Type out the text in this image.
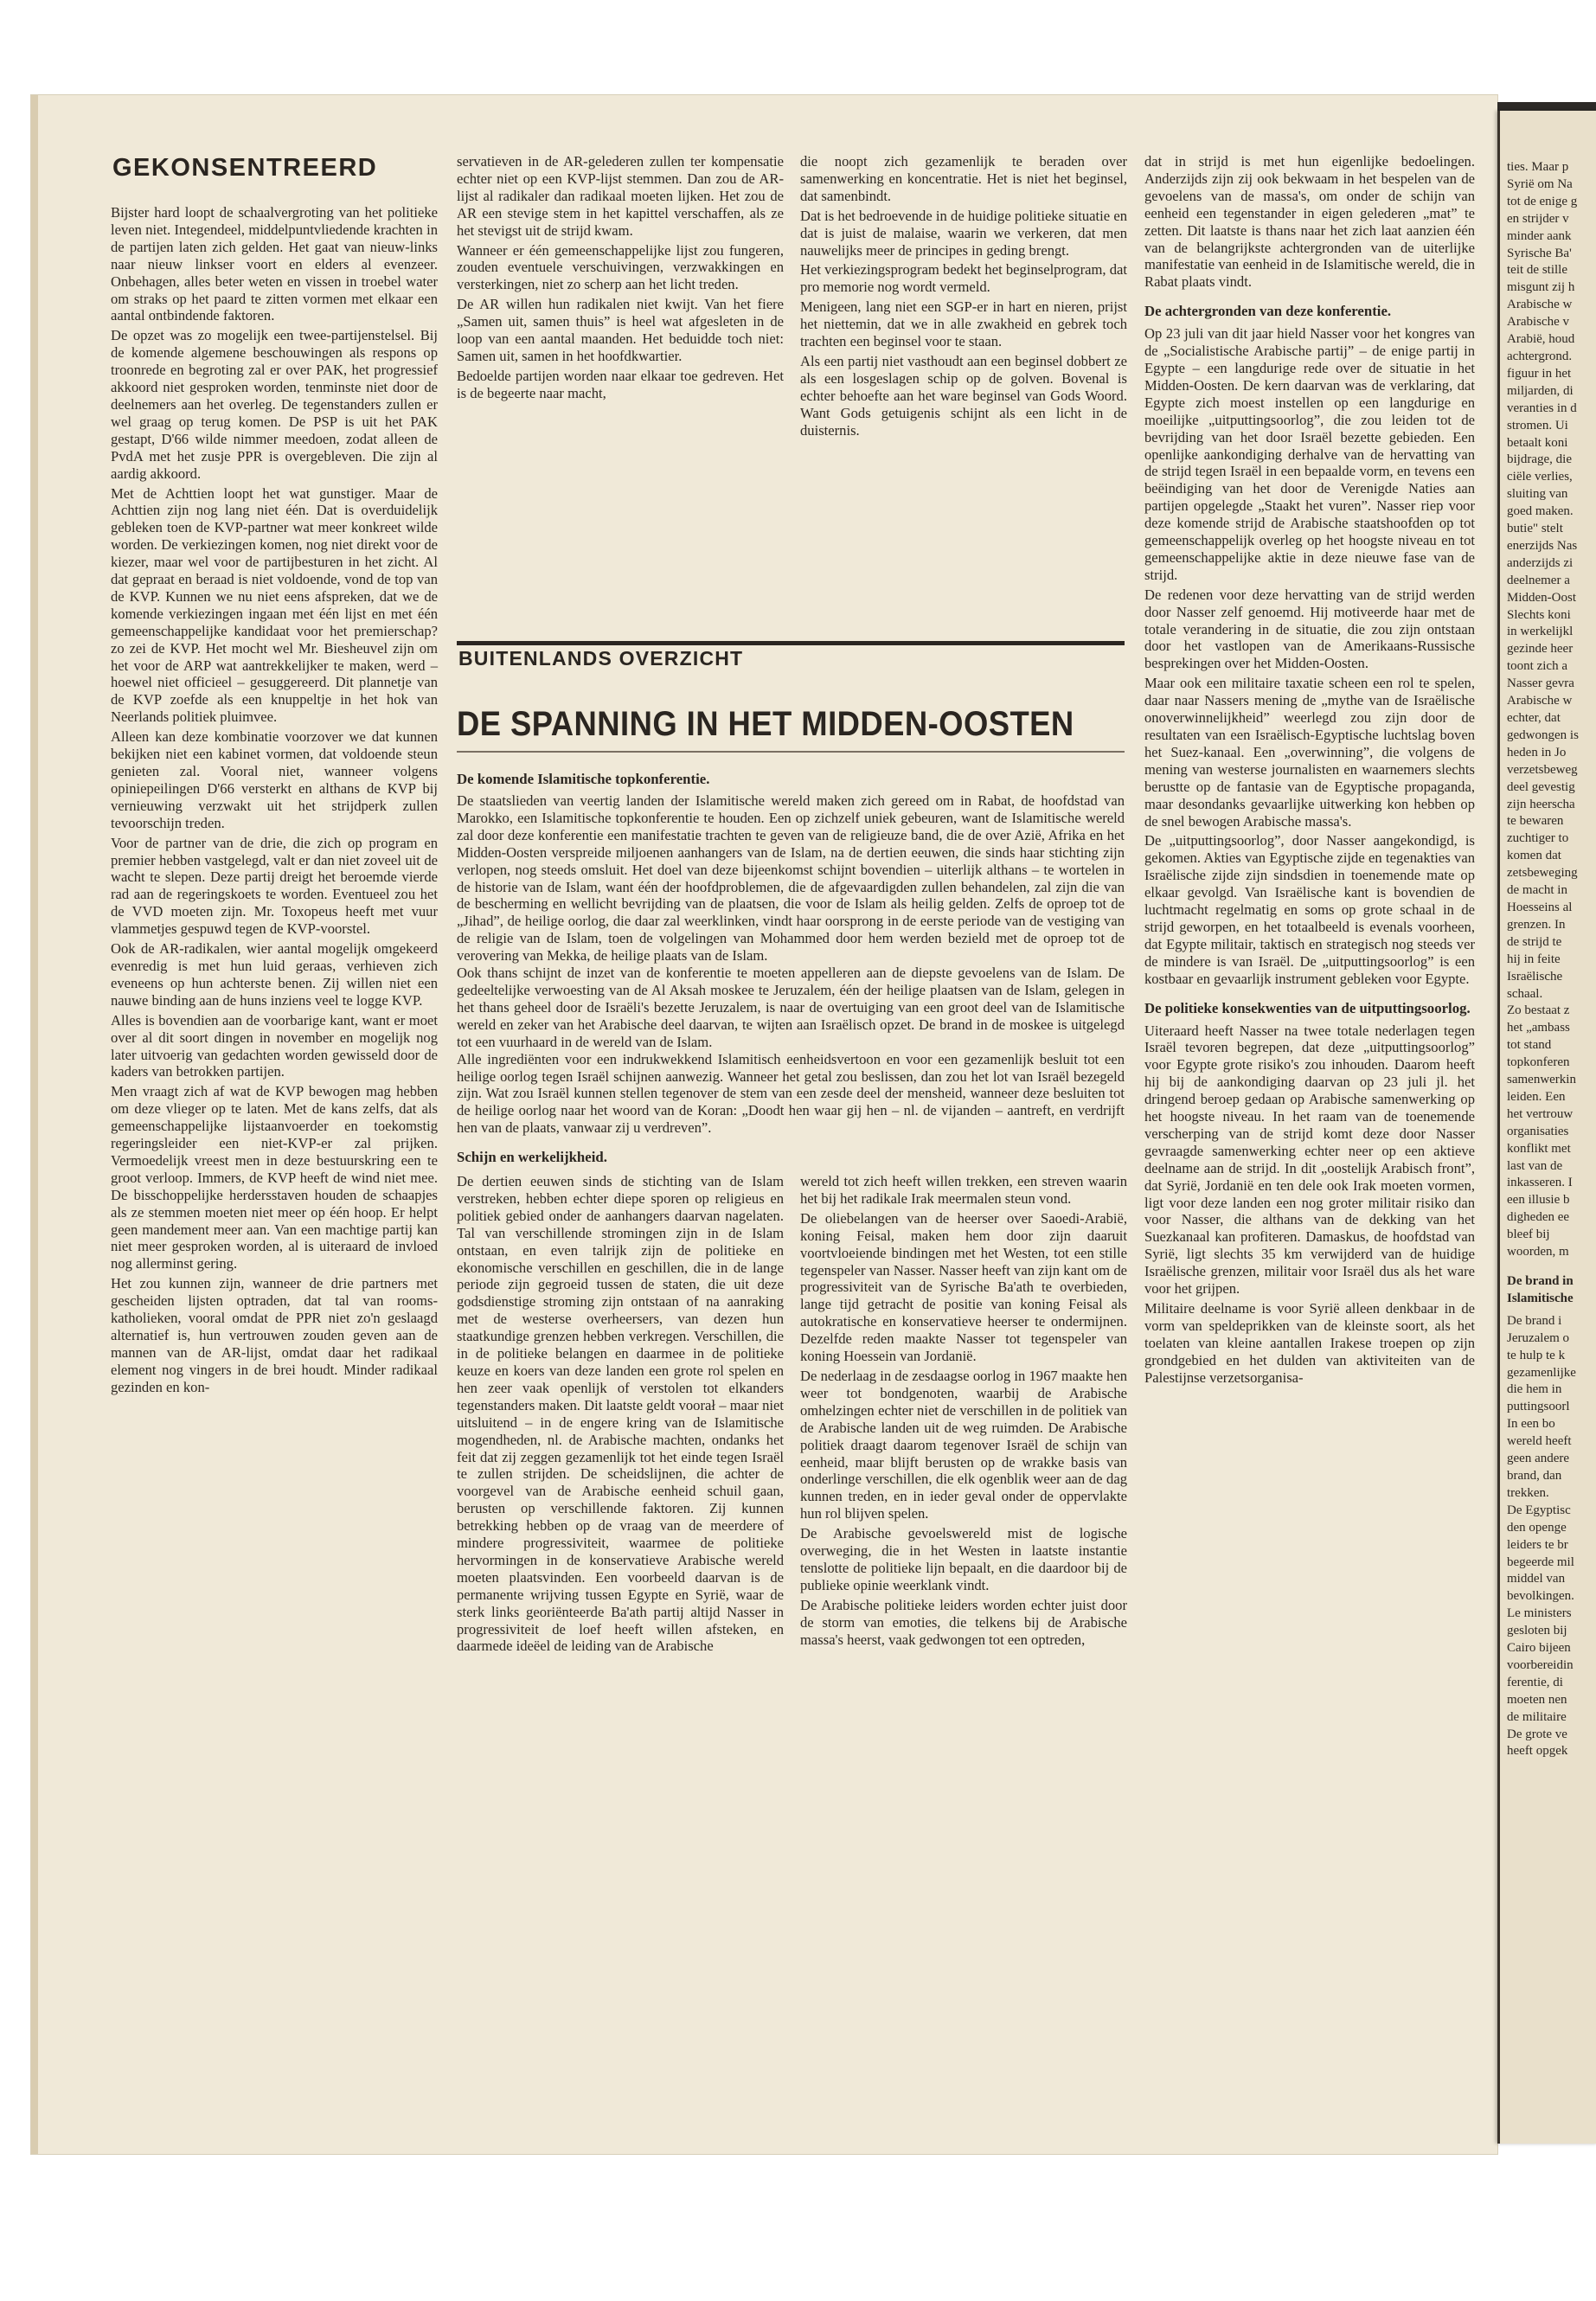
GEKONSENTREERD

Bijster hard loopt de schaalvergroting van het politieke leven niet. Integendeel, middelpuntvliedende krachten in de partijen laten zich gelden. Het gaat van nieuw-links naar nieuw linkser voort en elders al evenzeer. Onbehagen, alles beter weten en vissen in troebel water om straks op het paard te zitten vormen met elkaar een aantal ontbindende faktoren.

De opzet was zo mogelijk een twee-partijenstelsel. Bij de komende algemene beschouwingen als respons op troonrede en begroting zal er over PAK, het progressief akkoord niet gesproken worden, tenminste niet door de deelnemers aan het overleg. De tegenstanders zullen er wel graag op terug komen. De PSP is uit het PAK gestapt, D'66 wilde nimmer meedoen, zodat alleen de PvdA met het zusje PPR is overgebleven. Die zijn al aardig akkoord.

Met de Achttien loopt het wat gunstiger. Maar de Achttien zijn nog lang niet één. Dat is overduidelijk gebleken toen de KVP-partner wat meer konkreet wilde worden. De verkiezingen komen, nog niet direkt voor de kiezer, maar wel voor de partijbesturen in het zicht. Al dat gepraat en beraad is niet voldoende, vond de top van de KVP. Kunnen we nu niet eens afspreken, dat we de komende verkiezingen ingaan met één lijst en met één gemeenschappelijke kandidaat voor het premierschap? zo zei de KVP. Het mocht wel Mr. Biesheuvel zijn om het voor de ARP wat aantrekkelijker te maken, werd – hoewel niet officieel – gesuggereerd. Dit plannetje van de KVP zoefde als een knuppeltje in het hok van Neerlands politiek pluimvee.

Alleen kan deze kombinatie voorzover we dat kunnen bekijken niet een kabinet vormen, dat voldoende steun genieten zal. Vooral niet, wanneer volgens opiniepeilingen D'66 versterkt en althans de KVP bij vernieuwing verzwakt uit het strijdperk zullen tevoorschijn treden.

Voor de partner van de drie, die zich op program en premier hebben vastgelegd, valt er dan niet zoveel uit de wacht te slepen. Deze partij dreigt het beroemde vierde rad aan de regeringskoets te worden. Eventueel zou het de VVD moeten zijn. Mr. Toxopeus heeft met vuur vlammetjes gespuwd tegen de KVP-voorstel.

Ook de AR-radikalen, wier aantal mogelijk omgekeerd evenredig is met hun luid geraas, verhieven zich eveneens op hun achterste benen. Zij willen niet een nauwe binding aan de huns inziens veel te logge KVP.

Alles is bovendien aan de voorbarige kant, want er moet over al dit soort dingen in november en mogelijk nog later uitvoerig van gedachten worden gewisseld door de kaders van betrokken partijen.

Men vraagt zich af wat de KVP bewogen mag hebben om deze vlieger op te laten. Met de kans zelfs, dat als gemeenschappelijke lijstaanvoerder en toekomstig regeringsleider een niet-KVP-er zal prijken. Vermoedelijk vreest men in deze bestuurskring een te groot verloop. Immers, de KVP heeft de wind niet mee. De bisschoppelijke herdersstaven houden de schaapjes als ze stemmen moeten niet meer op één hoop. Er helpt geen mandement meer aan. Van een machtige partij kan niet meer gesproken worden, al is uiteraard de invloed nog allerminst gering.

Het zou kunnen zijn, wanneer de drie partners met gescheiden lijsten optraden, dat tal van rooms-katholieken, vooral omdat de PPR niet zo'n geslaagd alternatief is, hun vertrouwen zouden geven aan de mannen van de AR-lijst, omdat daar het radikaal element nog vingers in de brei houdt. Minder radikaal gezinden en kon-

servatieven in de AR-gelederen zullen ter kompensatie echter niet op een KVP-lijst stemmen. Dan zou de AR-lijst al radikaler dan radikaal moeten lijken. Het zou de AR een stevige stem in het kapittel verschaffen, als ze het stevigst uit de strijd kwam.

Wanneer er één gemeenschappelijke lijst zou fungeren, zouden eventuele verschuivingen, verzwakkingen en versterkingen, niet zo scherp aan het licht treden.

De AR willen hun radikalen niet kwijt. Van het fiere „Samen uit, samen thuis” is heel wat afgesleten in de loop van een aantal maanden. Het beduidde toch niet: Samen uit, samen in het hoofdkwartier.

Bedoelde partijen worden naar elkaar toe gedreven. Het is de begeerte naar macht,

die noopt zich gezamenlijk te beraden over samenwerking en koncentratie. Het is niet het beginsel, dat samenbindt.

Dat is het bedroevende in de huidige politieke situatie en dat is juist de malaise, waarin we verkeren, dat men nauwelijks meer de principes in geding brengt.

Het verkiezingsprogram bedekt het beginselprogram, dat pro memorie nog wordt vermeld.

Menigeen, lang niet een SGP-er in hart en nieren, prijst het niettemin, dat we in alle zwakheid en gebrek toch trachten een beginsel voor te staan.

Als een partij niet vasthoudt aan een beginsel dobbert ze als een losgeslagen schip op de golven. Bovenal is echter behoefte aan het ware beginsel van Gods Woord. Want Gods getuigenis schijnt als een licht in de duisternis.

BUITENLANDS OVERZICHT
DE SPANNING IN HET MIDDEN-OOSTEN
De komende Islamitische topkonferentie.

De staatslieden van veertig landen der Islamitische wereld maken zich gereed om in Rabat, de hoofdstad van Marokko, een Islamitische topkonferentie te houden. Een op zichzelf uniek gebeuren, want de Islamitische wereld zal door deze konferentie een manifestatie trachten te geven van de religieuze band, die de over Azië, Afrika en het Midden-Oosten verspreide miljoenen aanhangers van de Islam, na de dertien eeuwen, die sinds haar stichting zijn verlopen, nog steeds omsluit. Het doel van deze bijeenkomst schijnt bovendien – uiterlijk althans – te wortelen in de historie van de Islam, want één der hoofdproblemen, die de afgevaardigden zullen behandelen, zal zijn die van de bescherming en wellicht bevrijding van de plaatsen, die voor de Islam als heilig gelden. Zelfs de oproep tot de „Jihad”, de heilige oorlog, die daar zal weerklinken, vindt haar oorsprong in de eerste periode van de vestiging van de religie van de Islam, toen de volgelingen van Mohammed door hem werden bezield met de oproep tot de verovering van Mekka, de heilige plaats van de Islam.

Ook thans schijnt de inzet van de konferentie te moeten appelleren aan de diepste gevoelens van de Islam. De gedeeltelijke verwoesting van de Al Aksah moskee te Jeruzalem, één der heilige plaatsen van de Islam, gelegen in het thans geheel door de Israëli's bezette Jeruzalem, is naar de overtuiging van een groot deel van de Islamitische wereld en zeker van het Arabische deel daarvan, te wijten aan Israëlisch opzet. De brand in de moskee is uitgelegd tot een vuurhaard in de wereld van de Islam.

Alle ingrediënten voor een indrukwekkend Islamitisch eenheidsvertoon en voor een gezamenlijk besluit tot een heilige oorlog tegen Israël schijnen aanwezig. Wanneer het getal zou beslissen, dan zou het lot van Israël bezegeld zijn. Wat zou Israël kunnen stellen tegenover de stem van een zesde deel der mensheid, wanneer deze besluiten tot de heilige oorlog naar het woord van de Koran: „Doodt hen waar gij hen – nl. de vijanden – aantreft, en verdrijft hen van de plaats, vanwaar zij u verdreven”.

Schijn en werkelijkheid.

De dertien eeuwen sinds de stichting van de Islam verstreken, hebben echter diepe sporen op religieus en politiek gebied onder de aanhangers daarvan nagelaten. Tal van verschillende stromingen zijn in de Islam ontstaan, en even talrijk zijn de politieke en ekonomische verschillen en geschillen, die in de lange periode zijn gegroeid tussen de staten, die uit deze godsdienstige stroming zijn ontstaan of na aanraking met de westerse overheersers, van dezen hun staatkundige grenzen hebben verkregen. Verschillen, die in de politieke belangen en daarmee in de politieke keuze en koers van deze landen een grote rol spelen en hen zeer vaak openlijk of verstolen tot elkanders tegenstanders maken. Dit laatste geldt voorał – maar niet uitsluitend – in de engere kring van de Islamitische mogendheden, nl. de Arabische machten, ondanks het feit dat zij zeggen gezamenlijk tot het einde tegen Israël te zullen strijden. De scheidslijnen, die achter de voorgevel van de Arabische eenheid schuil gaan, berusten op verschillende faktoren. Zij kunnen betrekking hebben op de vraag van de meerdere of mindere progressiviteit, waarmee de politieke hervormingen in de konservatieve Arabische wereld moeten plaatsvinden. Een voorbeeld daarvan is de permanente wrijving tussen Egypte en Syrië, waar de sterk links georiënteerde Ba'ath partij altijd Nasser in progressiviteit de loef heeft willen afsteken, en daarmede ideëel de leiding van de Arabische

wereld tot zich heeft willen trekken, een streven waarin het bij het radikale Irak meermalen steun vond.

De oliebelangen van de heerser over Saoedi-Arabië, koning Feisal, maken hem door zijn daaruit voortvloeiende bindingen met het Westen, tot een stille tegenspeler van Nasser. Nasser heeft van zijn kant om de progressiviteit van de Syrische Ba'ath te overbieden, lange tijd getracht de positie van koning Feisal als autokratische en konservatieve heerser te ondermijnen. Dezelfde reden maakte Nasser tot tegenspeler van koning Hoessein van Jordanië.

De nederlaag in de zesdaagse oorlog in 1967 maakte hen weer tot bondgenoten, waarbij de Arabische omhelzingen echter niet de verschillen in de politiek van de Arabische landen uit de weg ruimden. De Arabische politiek draagt daarom tegenover Israël de schijn van eenheid, maar blijft berusten op de wrakke basis van onderlinge verschillen, die elk ogenblik weer aan de dag kunnen treden, en in ieder geval onder de oppervlakte hun rol blijven spelen.

De Arabische gevoelswereld mist de logische overweging, die in het Westen in laatste instantie tenslotte de politieke lijn bepaalt, en die daardoor bij de publieke opinie weerklank vindt.

De Arabische politieke leiders worden echter juist door de storm van emoties, die telkens bij de Arabische massa's heerst, vaak gedwongen tot een optreden,

dat in strijd is met hun eigenlijke bedoelingen. Anderzijds zijn zij ook bekwaam in het bespelen van de gevoelens van de massa's, om onder de schijn van eenheid een tegenstander in eigen gelederen „mat” te zetten. Dit laatste is thans naar het zich laat aanzien één van de belangrijkste achtergronden van de uiterlijke manifestatie van eenheid in de Islamitische wereld, die in Rabat plaats vindt.

De achtergronden van deze konferentie.

Op 23 juli van dit jaar hield Nasser voor het kongres van de „Socialistische Arabische partij” – de enige partij in Egypte – een langdurige rede over de situatie in het Midden-Oosten. De kern daarvan was de verklaring, dat Egypte zich moest instellen op een langdurige en moeilijke „uitputtingsoorlog”, die zou leiden tot de bevrijding van het door Israël bezette gebieden. Een openlijke aankondiging derhalve van de hervatting van de strijd tegen Israël in een bepaalde vorm, en tevens een beëindiging van het door de Verenigde Naties aan partijen opgelegde „Staakt het vuren”. Nasser riep voor deze komende strijd de Arabische staatshoofden op tot gemeenschappelijk overleg op het hoogste niveau en tot gemeenschappelijke aktie in deze nieuwe fase van de strijd.

De redenen voor deze hervatting van de strijd werden door Nasser zelf genoemd. Hij motiveerde haar met de totale verandering in de situatie, die zou zijn ontstaan door het vastlopen van de Amerikaans-Russische besprekingen over het Midden-Oosten.

Maar ook een militaire taxatie scheen een rol te spelen, daar naar Nassers mening de „mythe van de Israëlische onoverwinnelijkheid” weerlegd zou zijn door de resultaten van een Israëlisch-Egyptische luchtslag boven het Suez-kanaal. Een „overwinning”, die volgens de mening van westerse journalisten en waarnemers slechts berustte op de fantasie van de Egyptische propaganda, maar desondanks gevaarlijke uitwerking kon hebben op de snel bewogen Arabische massa's.

De „uitputtingsoorlog”, door Nasser aangekondigd, is gekomen. Akties van Egyptische zijde en tegenakties van Israëlische zijde zijn sindsdien in toenemende mate op elkaar gevolgd. Van Israëlische kant is bovendien de luchtmacht regelmatig en soms op grote schaal in de strijd geworpen, en het totaalbeeld is evenals voorheen, dat Egypte militair, taktisch en strategisch nog steeds ver de mindere is van Israël. De „uitputtingsoorlog” is een kostbaar en gevaarlijk instrument gebleken voor Egypte.

De politieke konsekwenties van de uitputtingsoorlog.

Uiteraard heeft Nasser na twee totale nederlagen tegen Israël tevoren begrepen, dat deze „uitputtingsoorlog” voor Egypte grote risiko's zou inhouden. Daarom heeft hij bij de aankondiging daarvan op 23 juli jl. het dringend beroep gedaan op Arabische samenwerking op het hoogste niveau. In het raam van de toenemende verscherping van de strijd komt deze door Nasser gevraagde samenwerking echter neer op een aktieve deelname aan de strijd. In dit „oostelijk Arabisch front”, dat Syrië, Jordanië en ten dele ook Irak moeten vormen, ligt voor deze landen een nog groter militair risiko dan voor Nasser, die althans van de dekking van het Suezkanaal kan profiteren. Damaskus, de hoofdstad van Syrië, ligt slechts 35 km verwijderd van de huidige Israëlische grenzen, militair voor Israël dus als het ware voor het grijpen.

Militaire deelname is voor Syrië alleen denkbaar in de vorm van speldeprikken van de kleinste soort, als het toelaten van kleine aantallen Irakese troepen op zijn grondgebied en het dulden van aktiviteiten van de Palestijnse verzetsorganisa-

ties. Maar p

Syrië om Na

tot de enige g

en strijder v

minder aank

Syrische Ba'

teit de stille

misgunt zij h

Arabische w

Arabische v

Arabië, houd

achtergrond.

figuur in het

miljarden, di

veranties in d

stromen. Ui

betaalt koni

bijdrage, die

ciële verlies,

sluiting van

goed maken.

butie" stelt

enerzijds Nas

anderzijds zi

deelnemer a

Midden-Oost

Slechts koni

in werkelijkl

gezinde heer

toont zich a

Nasser gevra

Arabische w

echter, dat

gedwongen is

heden in Jo

verzetsbeweg

deel gevestig

zijn heerscha

te bewaren

zuchtiger to

komen dat

zetsbeweging

de macht in

Hoesseins al

grenzen. In

de strijd te

hij in feite

Israëlische

schaal.

Zo bestaat z

het „ambass

tot stand

topkonferen

samenwerkin

leiden. Een

het vertrouw

organisaties

konflikt met

last van de

inkasseren. I

een illusie b

digheden ee

bleef bij

woorden, m

De brand in
Islamitische

De brand i

Jeruzalem o

te hulp te k

gezamenlijke

die hem in

puttingsoorl

In een bo

wereld heeft

geen andere

brand, dan

trekken.

De Egyptisc

den openge

leiders te br

begeerde mil

middel van

bevolkingen.

Le ministers

gesloten bij

Cairo bijeen

voorbereidin

ferentie, di

moeten nen

de militaire

De grote ve

heeft opgek
